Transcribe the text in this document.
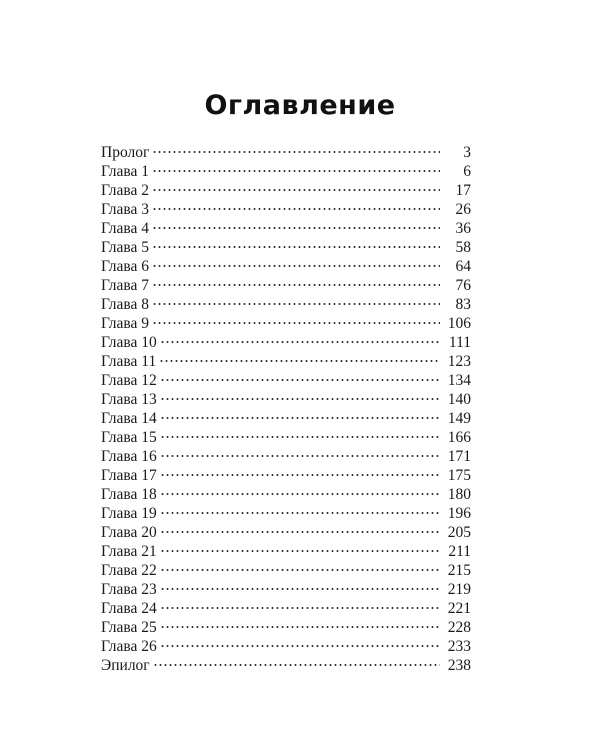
Оглавление
Пролог	3
Глава 1	6
Глава 2	17
Глава 3	26
Глава 4	36
Глава 5	58
Глава 6	64
Глава 7	76
Глава 8	83
Глава 9	106
Глава 10	111
Глава 11	123
Глава 12	134
Глава 13	140
Глава 14	149
Глава 15	166
Глава 16	171
Глава 17	175
Глава 18	180
Глава 19	196
Глава 20	205
Глава 21	211
Глава 22	215
Глава 23	219
Глава 24	221
Глава 25	228
Глава 26	233
Эпилог	238
